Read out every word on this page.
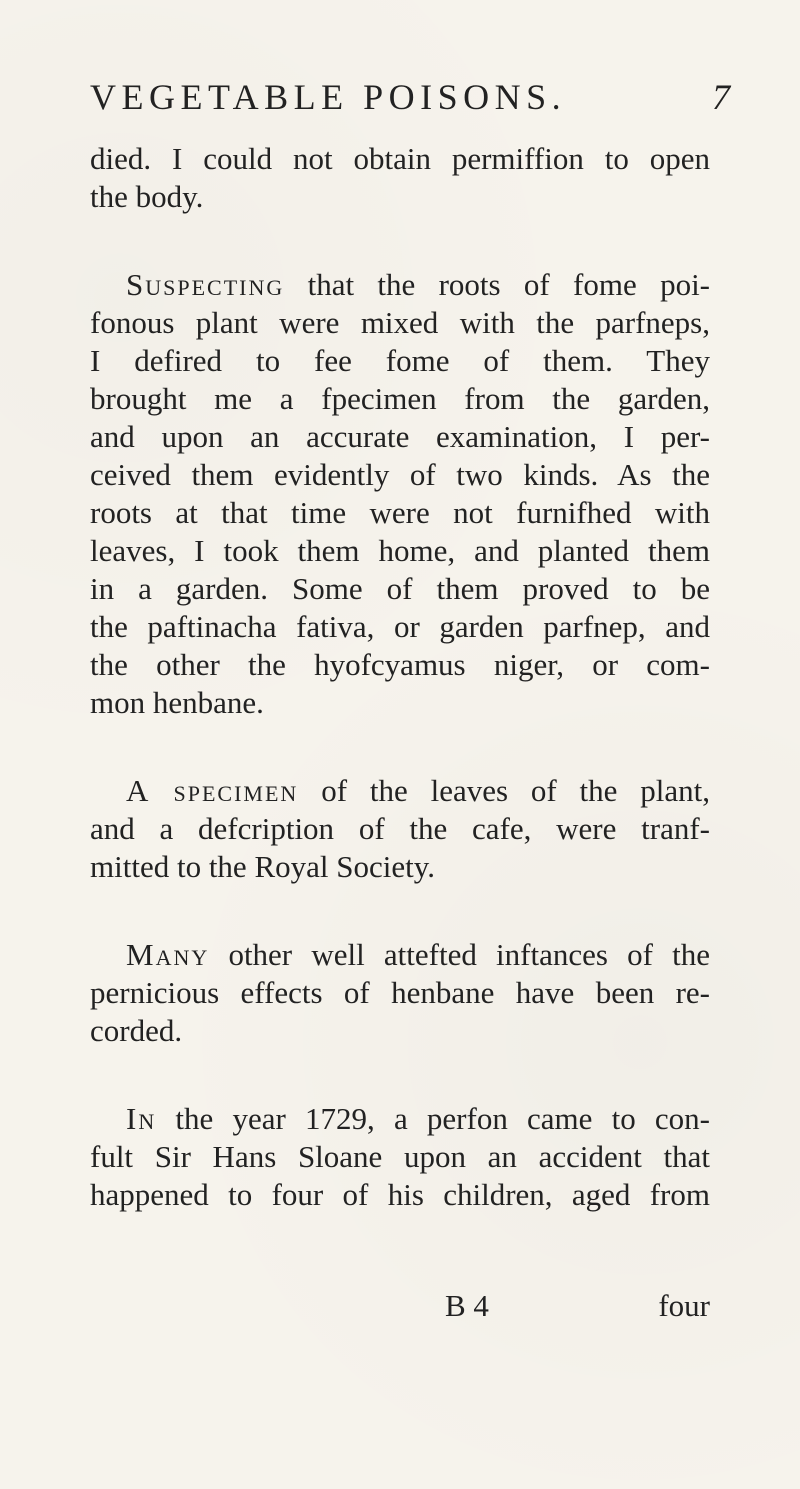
VEGETABLE POISONS.	7
died. I could not obtain permiffion to open
the body.
Suspecting that the roots of fome poi-
fonous plant were mixed with the parfneps,
I defired to fee fome of them. They
brought me a fpecimen from the garden,
and upon an accurate examination, I per-
ceived them evidently of two kinds. As the
roots at that time were not furnifhed with
leaves, I took them home, and planted them
in a garden. Some of them proved to be
the paftinacha fativa, or garden parfnep, and
the other the hyofcyamus niger, or com-
mon henbane.
A specimen of the leaves of the plant,
and a defcription of the cafe, were tranf-
mitted to the Royal Society.
Many other well attefted inftances of the
pernicious effects of henbane have been re-
corded.
In the year 1729, a perfon came to con-
fult Sir Hans Sloane upon an accident that
happened to four of his children, aged from
B 4	four
